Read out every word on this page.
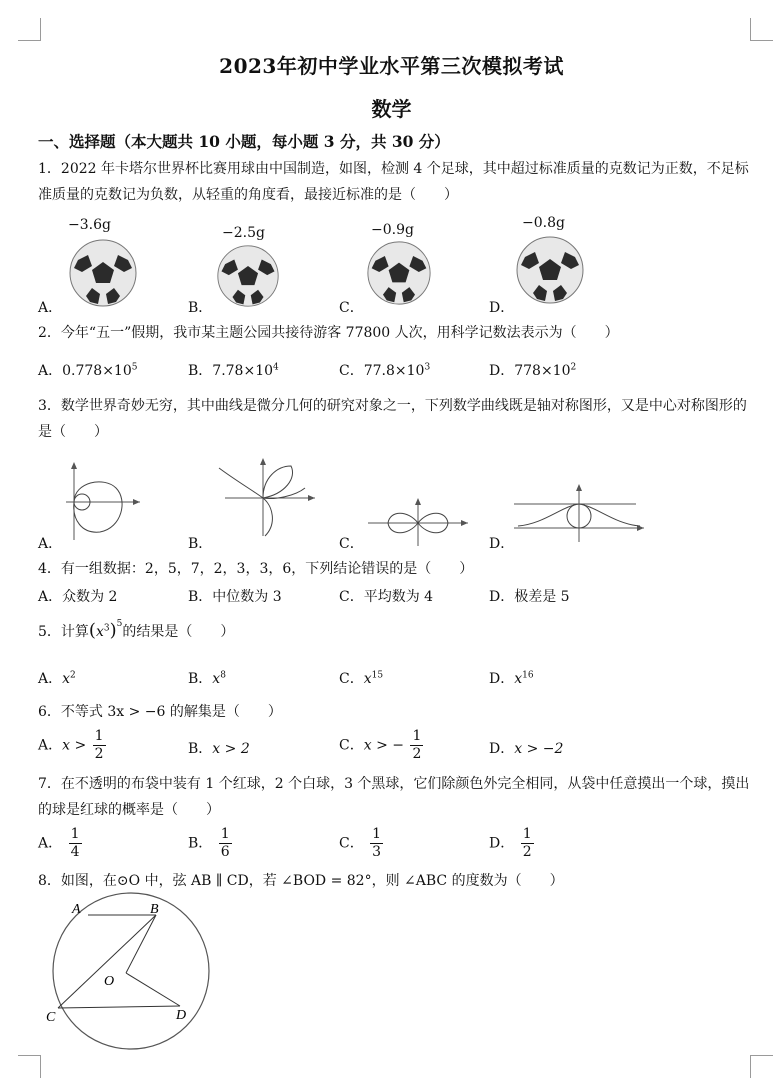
2023年初中学业水平第三次模拟考试
数学
一、选择题（本大题共 10 小题，每小题 3 分，共 30 分）
1．2022 年卡塔尔世界杯比赛用球由中国制造，如图，检测 4 个足球，其中超过标准质量的克数记为正数，不足标准质量的克数记为负数，从轻重的角度看，最接近标准的是（　　）
−3.6g	−2.5g	−0.9g	−0.8g
A．	B．	C．	D．
2．今年“五一”假期，我市某主题公园共接待游客 77800 人次，用科学记数法表示为（　　）
A．$0.778\times 10^5$	B．$7.78\times 10^4$	C．$77.8\times 10^3$	D．$778\times 10^2$
3．数学世界奇妙无穷，其中曲线是微分几何的研究对象之一，下列数学曲线既是轴对称图形，又是中心对称图形的是（　　）
A．	B．	C．	D．
4．有一组数据：2，5，7，2，3，3，6，下列结论错误的是（　　）
A．众数为 2	B．中位数为 3	C．平均数为 4	D．极差是 5
5．计算$(x^3)^5$的结果是（　　）
A．$x^2$	B．$x^8$	C．$x^{15}$	D．$x^{16}$
6．不等式 3x > −6 的解集是（　　）
A．$x > \frac{1}{2}$	B．x > 2	C．x > − $\frac{1}{2}$	D．x > −2
7．在不透明的布袋中装有 1 个红球，2 个白球，3 个黑球，它们除颜色外完全相同，从袋中任意摸出一个球，摸出的球是红球的概率是（　　）
A． $\frac{1}{4}$	B． $\frac{1}{6}$	C． $\frac{1}{3}$	D． $\frac{1}{2}$
8．如图，在⊙O 中，弦 AB ∥ CD，若 ∠BOD = 82°，则 ∠ABC 的度数为（　　）
A	B
O
C	D
